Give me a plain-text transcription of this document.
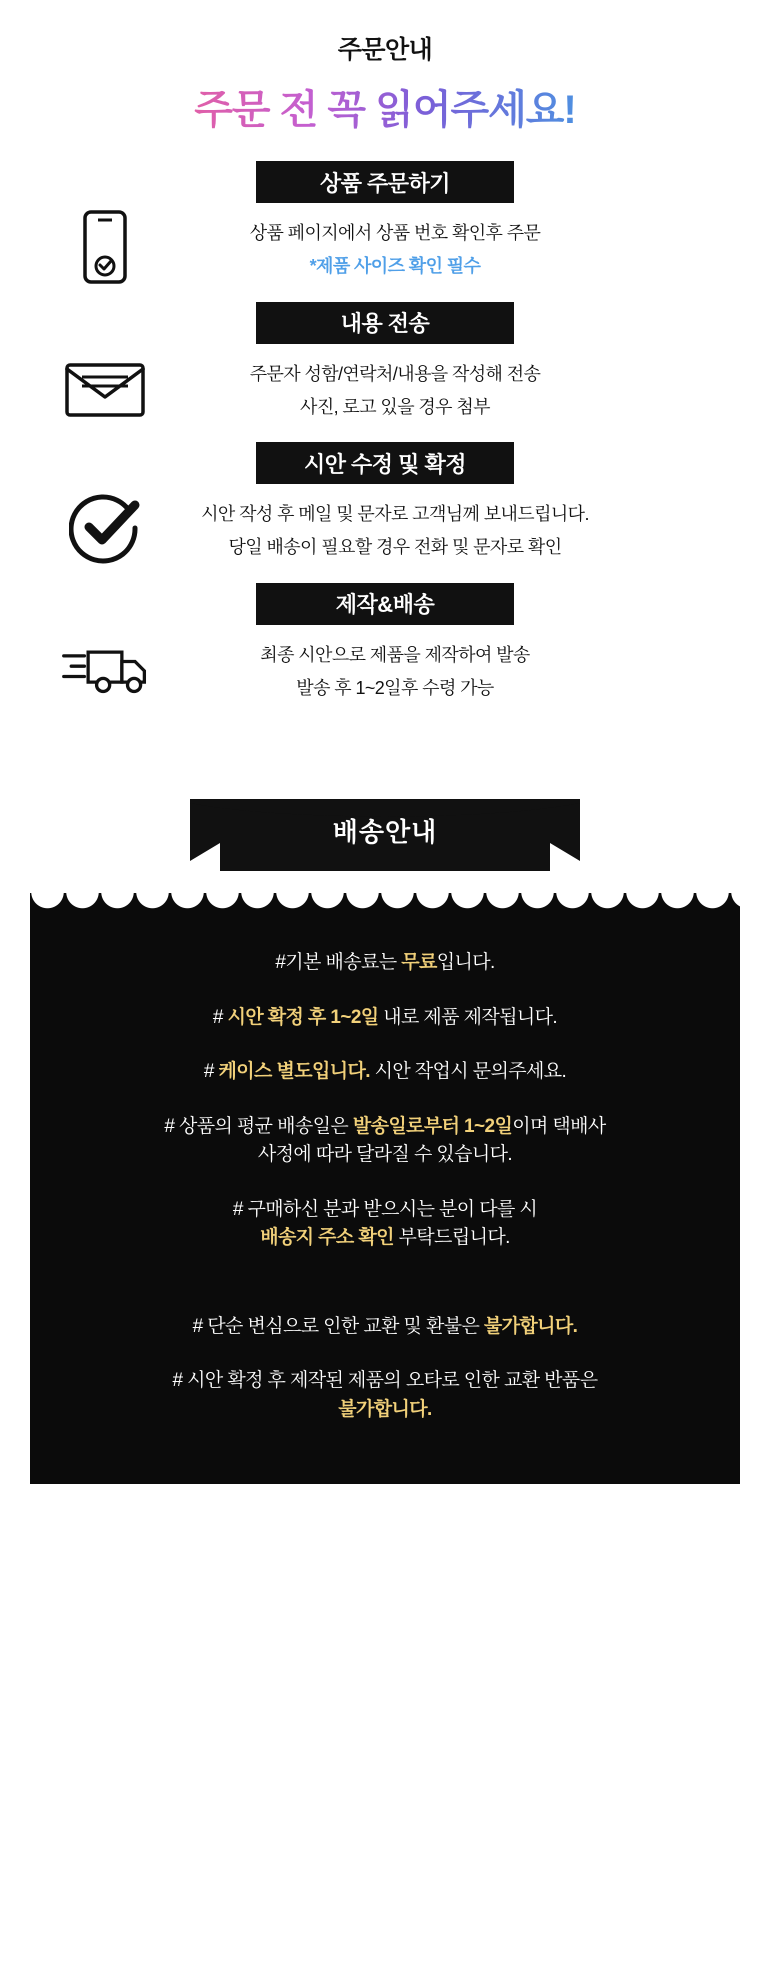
주문안내
주문 전 꼭 읽어주세요!
상품 주문하기
상품 페이지에서 상품 번호 확인후 주문
*제품 사이즈 확인 필수
내용 전송
주문자 성함/연락처/내용을 작성해 전송
사진, 로고 있을 경우 첨부
시안 수정 및 확정
시안 작성 후 메일 및 문자로 고객님께 보내드립니다.
당일 배송이 필요할 경우 전화 및 문자로 확인
제작&배송
최종 시안으로 제품을 제작하여 발송
발송 후 1~2일후 수령 가능
배송안내
#기본 배송료는 무료입니다.
# 시안 확정 후 1~2일 내로 제품 제작됩니다.
# 케이스 별도입니다. 시안 작업시 문의주세요.
# 상품의 평균 배송일은 발송일로부터 1~2일이며 택배사
사정에 따라 달라질 수 있습니다.
# 구매하신 분과 받으시는 분이 다를 시
배송지 주소 확인 부탁드립니다.
# 단순 변심으로 인한 교환 및 환불은 불가합니다.
# 시안 확정 후 제작된 제품의 오타로 인한 교환 반품은
불가합니다.
